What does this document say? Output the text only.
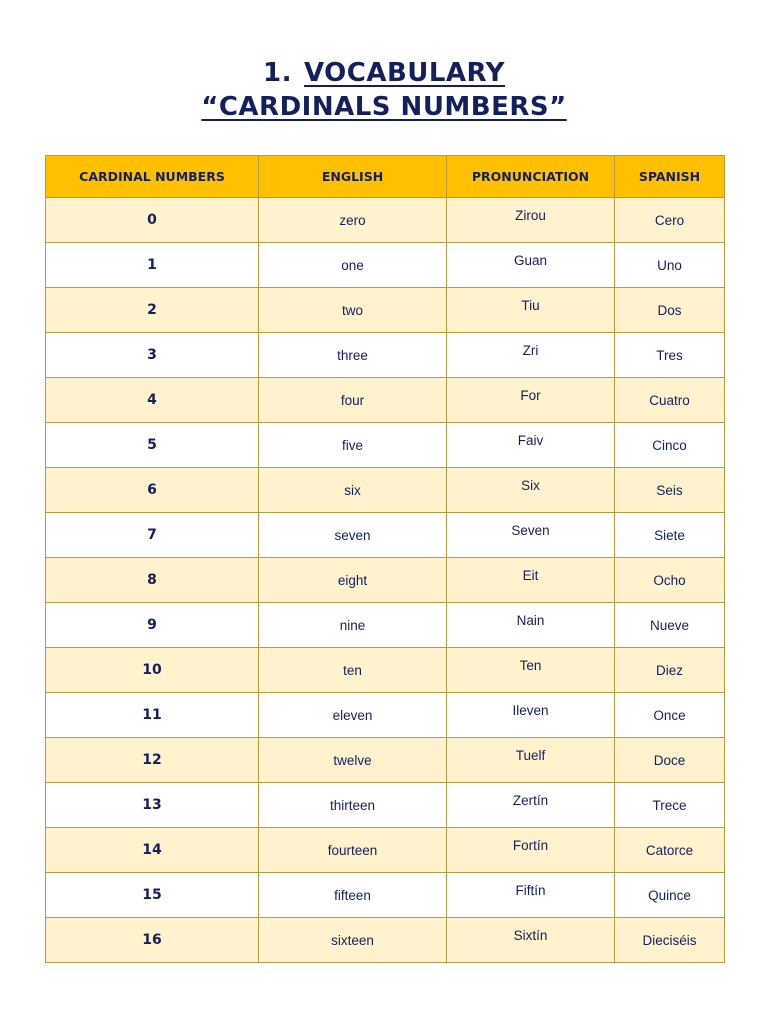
1. VOCABULARY
“CARDINALS NUMBERS”
CARDINAL NUMBERS	ENGLISH	PRONUNCIATION	SPANISH
0	zero	Zirou	Cero
1	one	Guan	Uno
2	two	Tiu	Dos
3	three	Zri	Tres
4	four	For	Cuatro
5	five	Faiv	Cinco
6	six	Six	Seis
7	seven	Seven	Siete
8	eight	Eit	Ocho
9	nine	Nain	Nueve
10	ten	Ten	Diez
11	eleven	Ileven	Once
12	twelve	Tuelf	Doce
13	thirteen	Zertín	Trece
14	fourteen	Fortín	Catorce
15	fifteen	Fiftín	Quince
16	sixteen	Sixtín	Dieciséis
